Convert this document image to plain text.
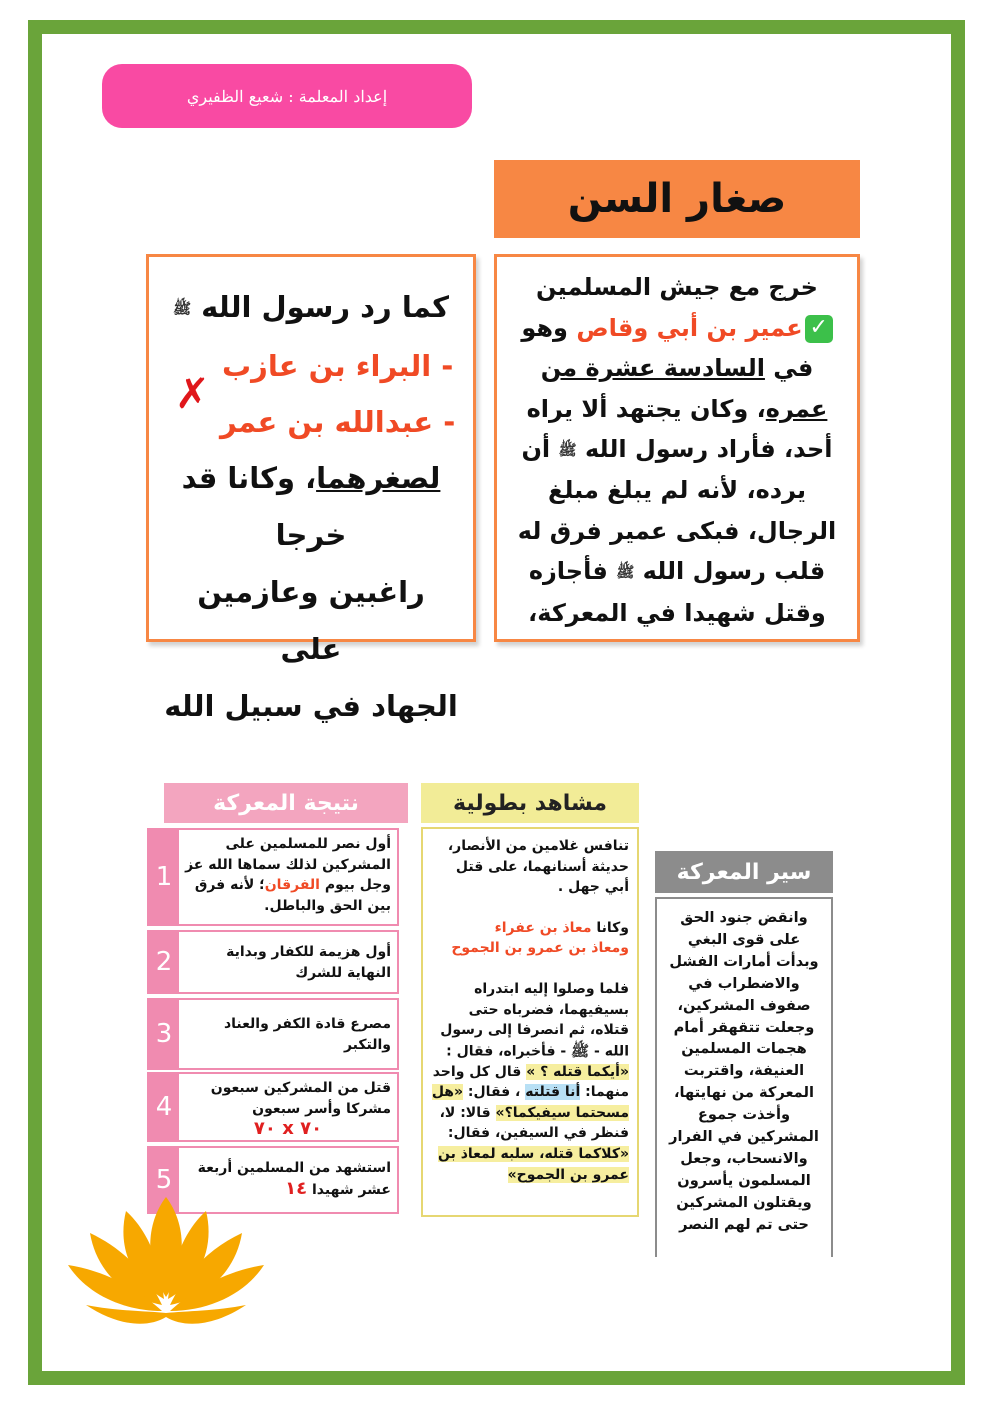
إعداد المعلمة : شعيع الظفيري
صغار السن
خرج مع جيش المسلمين
✓عمير بن أبي وقاص وهو
في السادسة عشرة من
عمره، وكان يجتهد ألا يراه
أحد، فأراد رسول الله ﷺ أن
يرده، لأنه لم يبلغ مبلغ
الرجال، فبكى عمير فرق له
قلب رسول الله ﷺ فأجازه
وقتل شهيدا في المعركة،
كما رد رسول الله ﷺ
- البراء بن عازب
- عبدالله بن عمر ✗
لصغرهما، وكانا قد خرجا
راغبين وعازمين على
الجهاد في سبيل الله
نتيجة المعركة	مشاهد بطولية
سير المعركة

تنافس غلامين من الأنصار، حديثة أسنانهما، على قتل أبي جهل .

وكانا معاذ بن عفراء
ومعاذ بن عمرو بن الجموح

فلما وصلوا إليه ابتدراه بسيفيهما، فضرباه حتى قتلاه، ثم انصرفا إلى رسول الله - ﷺ - فأخبراه، فقال : «أيكما قتله ؟ » قال كل واحد منهما: أنا قتلته ، فقال: «هل مسحتما سيفيكما؟» قالا: لا، فنظر في السيفين، فقال: «كلاكما قتله، سلبه لمعاذ بن عمرو بن الجموح»

وانقض جنود الحق على قوى البغي وبدأت أمارات الفشل والاضطراب في صفوف المشركين، وجعلت تتقهقر أمام هجمات المسلمين العنيفة، واقتربت المعركة من نهايتها، وأخذت جموع المشركين في الفرار والانسحاب، وجعل المسلمون يأسرون ويقتلون المشركين حتى تم لهم النصر
أول نصر للمسلمين على المشركين لذلك سماها الله عز وجل بيوم الفرقان؛ لأنه فرق بين الحق والباطل.
1
أول هزيمة للكفار وبداية النهاية للشرك
2
مصرع قادة الكفر والعناد والتكبر
3
قتل من المشركين سبعون مشركا وأسر سبعون
٧٠ x ٧٠
4
استشهد من المسلمين أربعة عشر شهيدا ١٤
5
